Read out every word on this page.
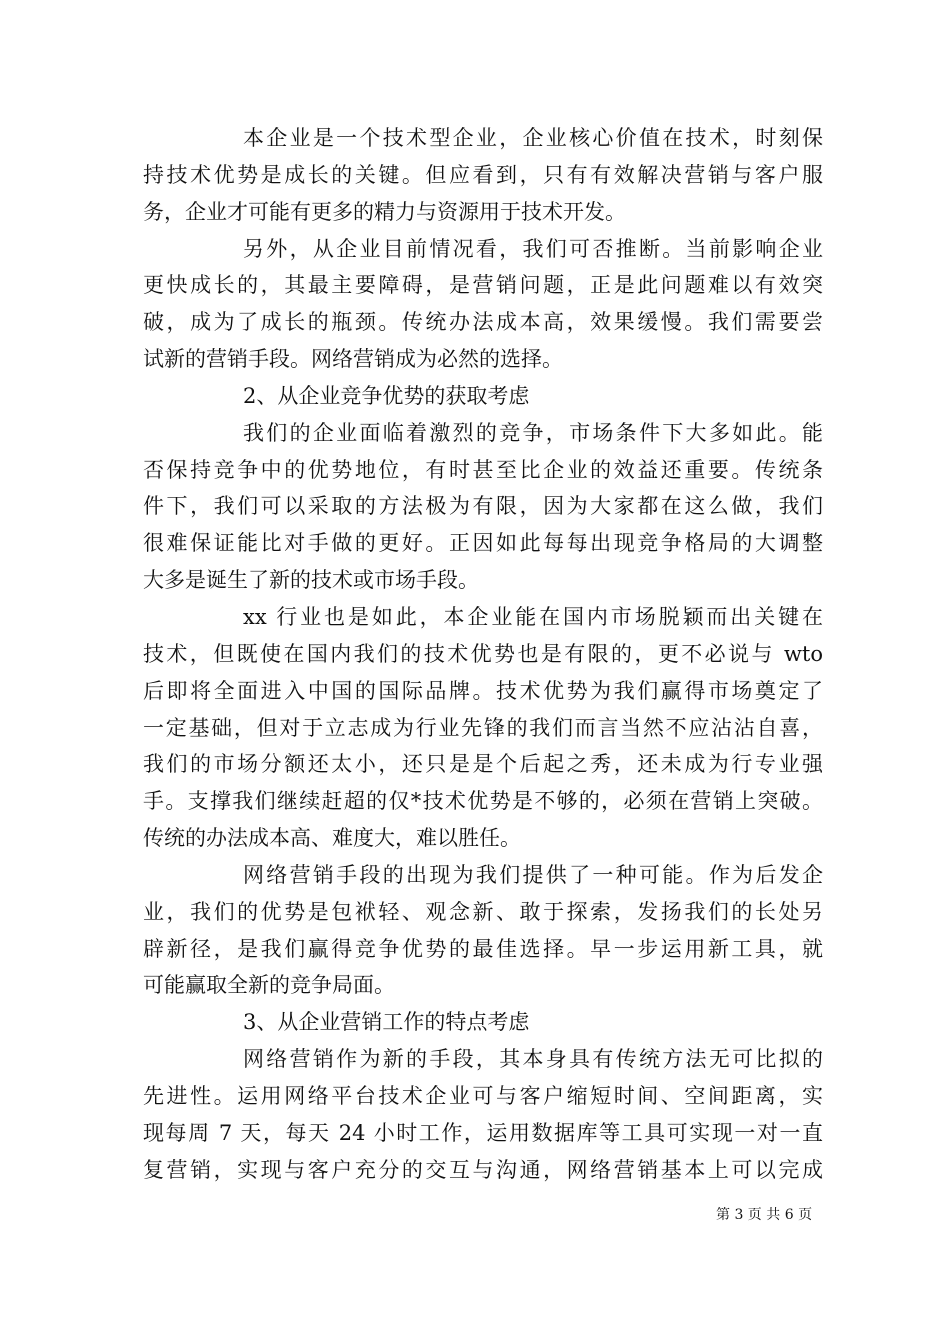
本企业是一个技术型企业，企业核心价值在技术，时刻保
持技术优势是成长的关键。但应看到，只有有效解决营销与客户服
务，企业才可能有更多的精力与资源用于技术开发。
另外，从企业目前情况看，我们可否推断。当前影响企业
更快成长的，其最主要障碍，是营销问题，正是此问题难以有效突
破，成为了成长的瓶颈。传统办法成本高，效果缓慢。我们需要尝
试新的营销手段。网络营销成为必然的选择。
2、从企业竞争优势的获取考虑
我们的企业面临着激烈的竞争，市场条件下大多如此。能
否保持竞争中的优势地位，有时甚至比企业的效益还重要。传统条
件下，我们可以采取的方法极为有限，因为大家都在这么做，我们
很难保证能比对手做的更好。正因如此每每出现竞争格局的大调整
大多是诞生了新的技术或市场手段。
xx 行业也是如此，本企业能在国内市场脱颖而出关键在
技术，但既使在国内我们的技术优势也是有限的，更不必说与 wto
后即将全面进入中国的国际品牌。技术优势为我们赢得市场奠定了
一定基础，但对于立志成为行业先锋的我们而言当然不应沾沾自喜，
我们的市场分额还太小，还只是是个后起之秀，还未成为行专业强
手。支撑我们继续赶超的仅*技术优势是不够的，必须在营销上突破。
传统的办法成本高、难度大，难以胜任。
网络营销手段的出现为我们提供了一种可能。作为后发企
业，我们的优势是包袱轻、观念新、敢于探索，发扬我们的长处另
辟新径，是我们赢得竞争优势的最佳选择。早一步运用新工具，就
可能赢取全新的竞争局面。
3、从企业营销工作的特点考虑
网络营销作为新的手段，其本身具有传统方法无可比拟的
先进性。运用网络平台技术企业可与客户缩短时间、空间距离，实
现每周 7 天，每天 24 小时工作，运用数据库等工具可实现一对一直
复营销，实现与客户充分的交互与沟通，网络营销基本上可以完成
第 3 页 共 6 页
